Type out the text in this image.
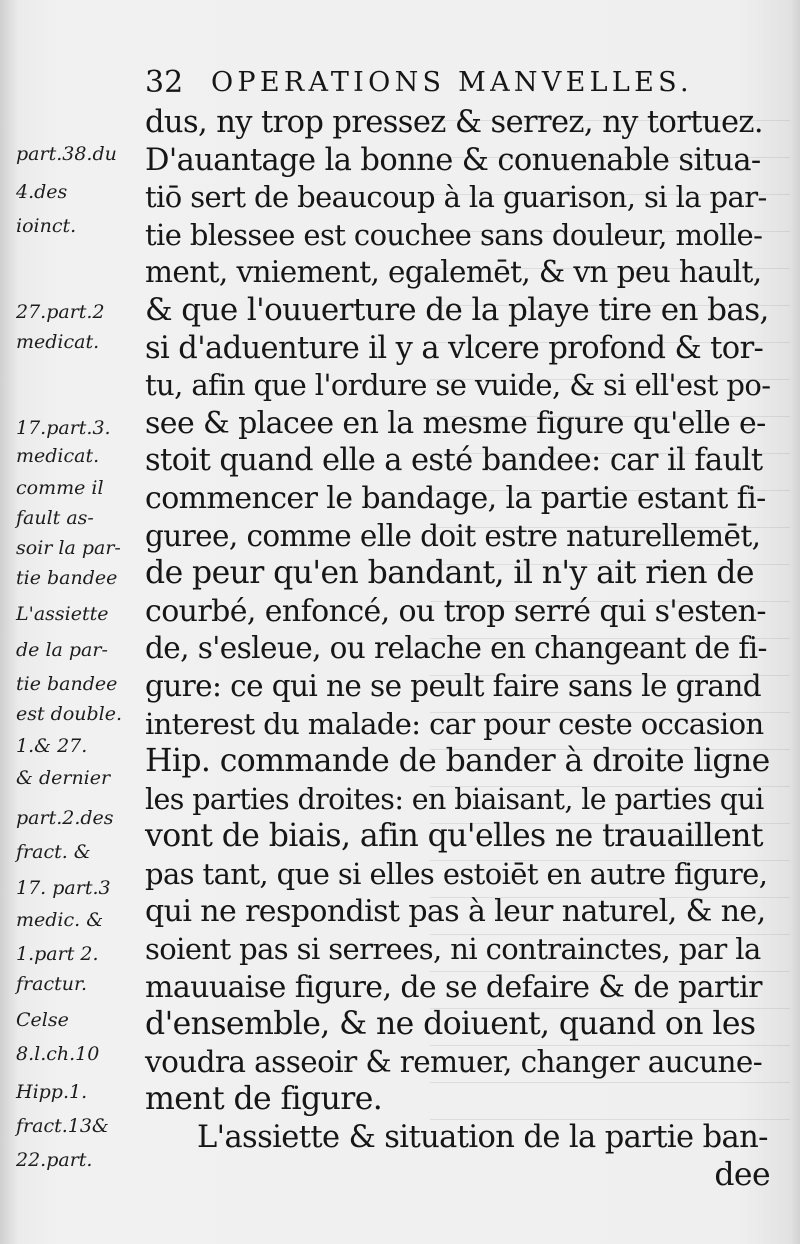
32 OPERATIONS MANVELLES.
part.38.du
4.des
ioinct.
27.part.2
medicat.
17.part.3.
medicat.
comme il
fault as-
soir la par-
tie bandee
L'assiette
de la par-
tie bandee
est double.
1.& 27.
& dernier
part.2.des
fract. &
17. part.3
medic. &
1.part 2.
fractur.
Celse
8.l.ch.10
Hipp.1.
fract.13&
22.part.
dus, ny trop pressez & serrez, ny tortuez.
D'auantage la bonne & conuenable situa-
tiō sert de beaucoup à la guarison, si la par-
tie blessee est couchee sans douleur, molle-
ment, vniement, egalemēt, & vn peu hault,
& que l'ouuerture de la playe tire en bas,
si d'aduenture il y a vlcere profond & tor-
tu, afin que l'ordure se vuide, & si ell'est po-
see & placee en la mesme figure qu'elle e-
stoit quand elle a esté bandee: car il fault
commencer le bandage, la partie estant fi-
guree, comme elle doit estre naturellemēt,
de peur qu'en bandant, il n'y ait rien de
courbé, enfoncé, ou trop serré qui s'esten-
de, s'esleue, ou relache en changeant de fi-
gure: ce qui ne se peult faire sans le grand
interest du malade: car pour ceste occasion
Hip. commande de bander à droite ligne
les parties droites: en biaisant, le parties qui
vont de biais, afin qu'elles ne trauaillent
pas tant, que si elles estoiēt en autre figure,
qui ne respondist pas à leur naturel, & ne,
soient pas si serrees, ni contrainctes, par la
mauuaise figure, de se defaire & de partir
d'ensemble, & ne doiuent, quand on les
voudra asseoir & remuer, changer aucune-
ment de figure.
L'assiette & situation de la partie ban-
dee
